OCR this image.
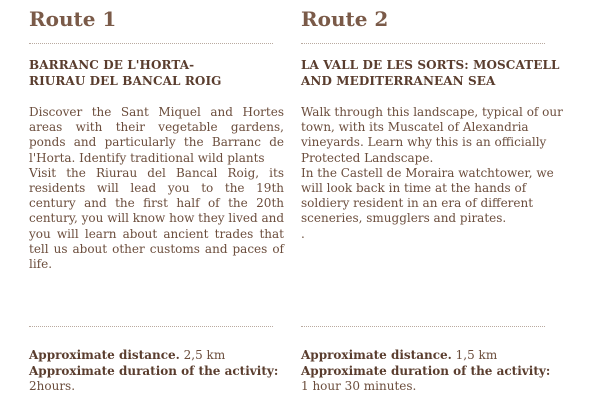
Route 1
BARRANC DE L'HORTA-
RIURAU DEL BANCAL ROIG

Discover the Sant Miquel and Hortes areas with their vegetable gardens, ponds and particularly the Barranc de l'Horta. Identify traditional wild plants

Visit the Riurau del Bancal Roig, its residents will lead you to the 19th century and the first half of the 20th century, you will know how they lived and you will learn about ancient trades that tell us about other customs and paces of life.

Approximate distance. 2,5 km
Approximate duration of the activity:
2hours.
Route 2
LA VALL DE LES SORTS: MOSCATELL
AND MEDITERRANEAN SEA

Walk through this landscape, typical of our town, with its Muscatel of Alexandria vineyards. Learn why this is an officially Protected Landscape.

In the Castell de Moraira watchtower, we will look back in time at the hands of soldiery resident in an era of different sceneries, smugglers and pirates.

.

Approximate distance. 1,5 km
Approximate duration of the activity:
1 hour 30 minutes.
